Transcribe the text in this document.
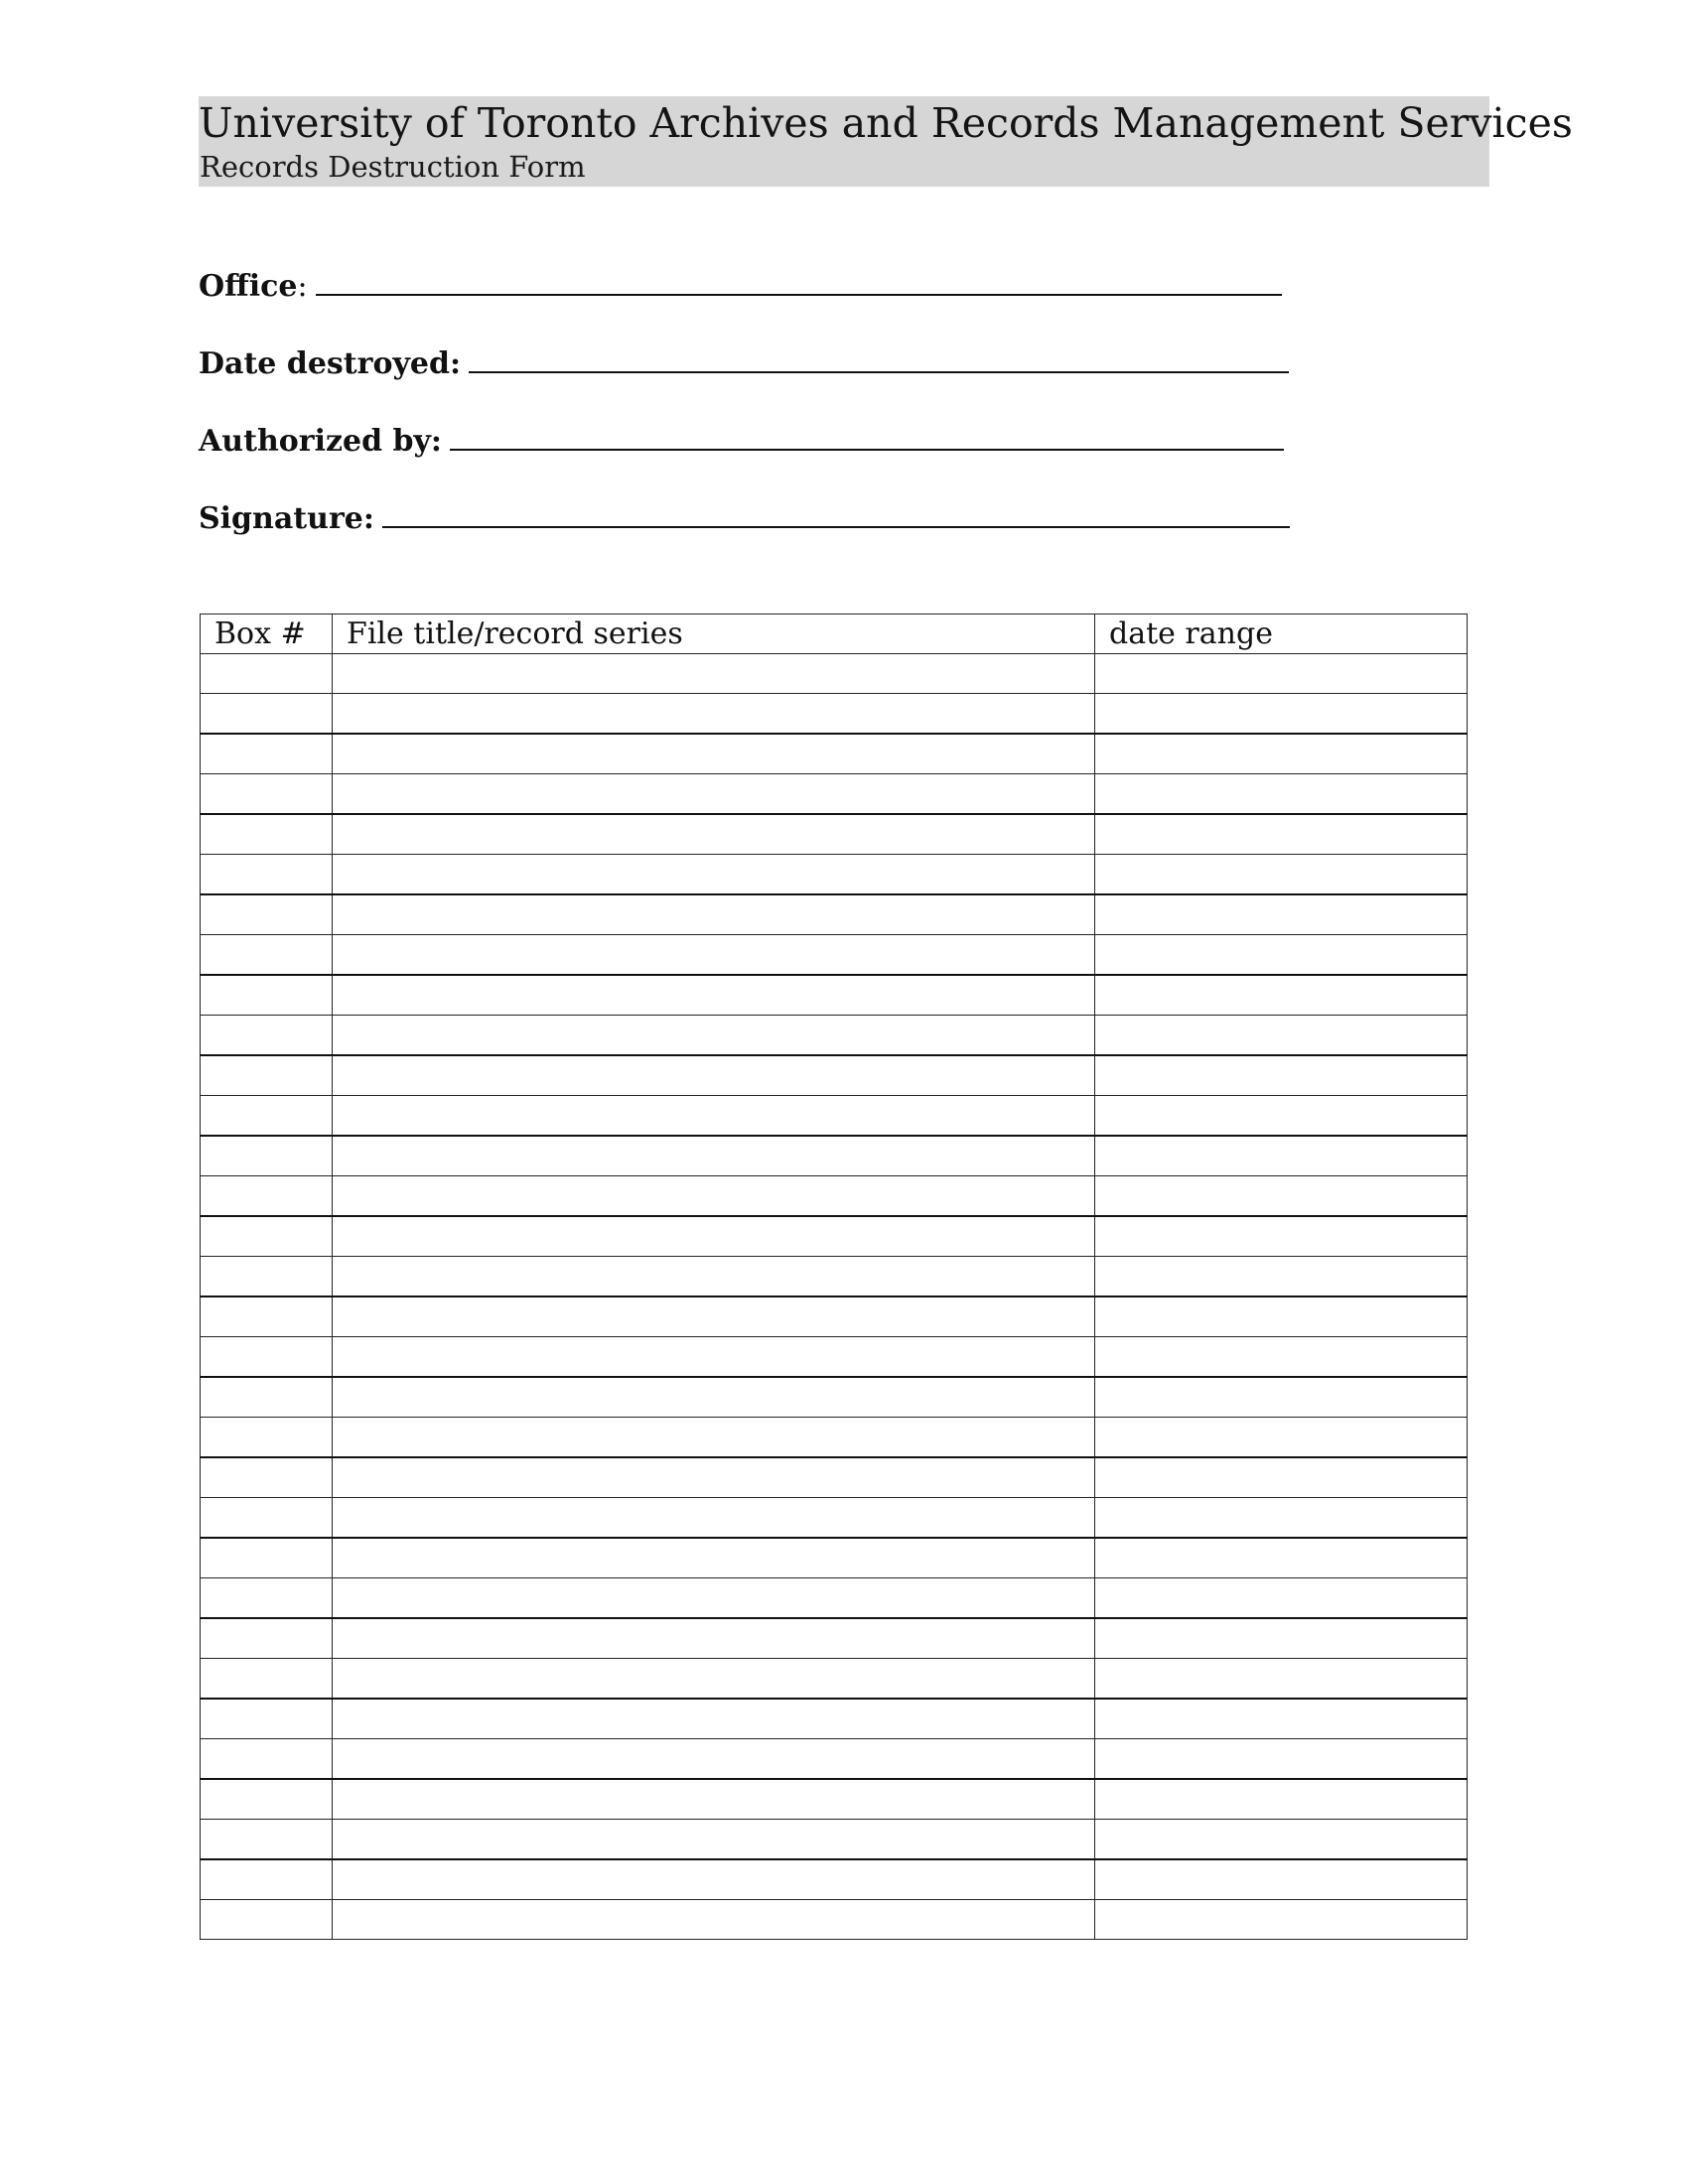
University of Toronto Archives and Records Management Services
Records Destruction Form
Office :
Date destroyed:
Authorized by:
Signature:
Box #	File title/record series	date range
